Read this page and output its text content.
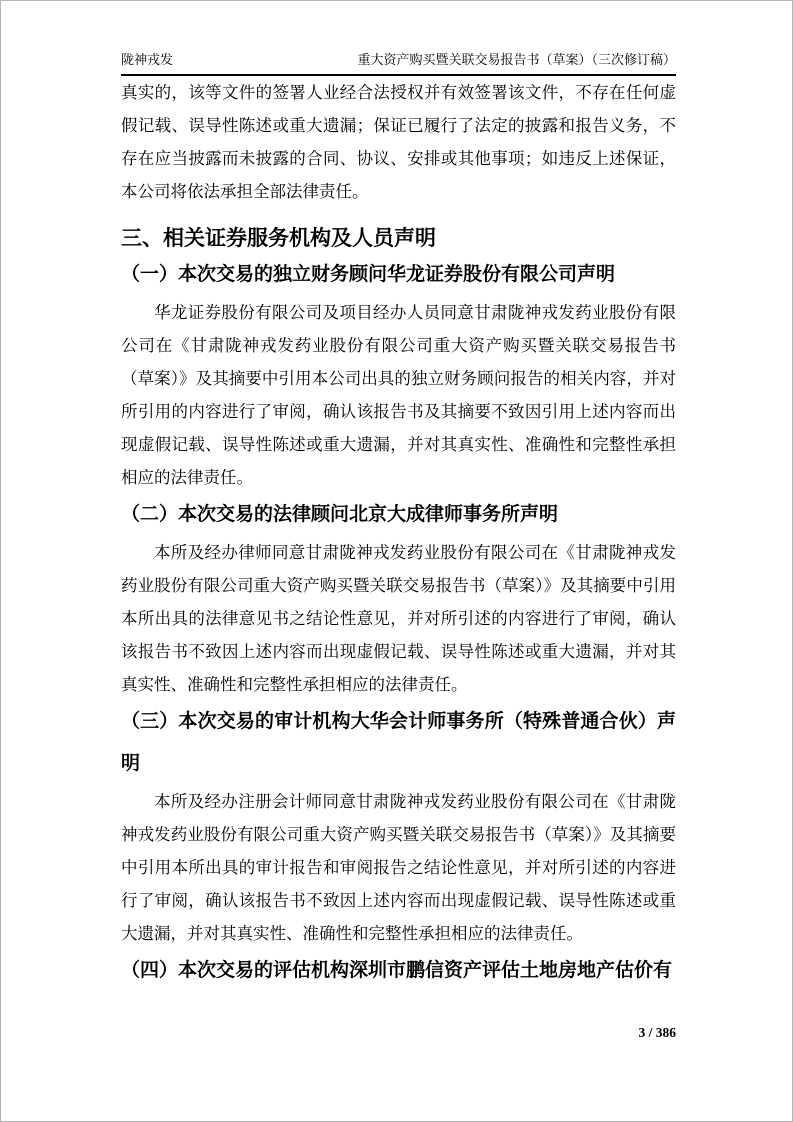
陇神戎发	重大资产购买暨关联交易报告书（草案）（三次修订稿）

真实的，该等文件的签署人业经合法授权并有效签署该文件，不存在任何虚假记载、误导性陈述或重大遗漏；保证已履行了法定的披露和报告义务，不存在应当披露而未披露的合同、协议、安排或其他事项；如违反上述保证，本公司将依法承担全部法律责任。

三、相关证券服务机构及人员声明
（一）本次交易的独立财务顾问华龙证券股份有限公司声明

华龙证券股份有限公司及项目经办人员同意甘肃陇神戎发药业股份有限公司在《甘肃陇神戎发药业股份有限公司重大资产购买暨关联交易报告书（草案）》及其摘要中引用本公司出具的独立财务顾问报告的相关内容，并对所引用的内容进行了审阅，确认该报告书及其摘要不致因引用上述内容而出现虚假记载、误导性陈述或重大遗漏，并对其真实性、准确性和完整性承担相应的法律责任。

（二）本次交易的法律顾问北京大成律师事务所声明

本所及经办律师同意甘肃陇神戎发药业股份有限公司在《甘肃陇神戎发药业股份有限公司重大资产购买暨关联交易报告书（草案）》及其摘要中引用本所出具的法律意见书之结论性意见，并对所引述的内容进行了审阅，确认该报告书不致因上述内容而出现虚假记载、误导性陈述或重大遗漏，并对其真实性、准确性和完整性承担相应的法律责任。

（三）本次交易的审计机构大华会计师事务所（特殊普通合伙）声明

本所及经办注册会计师同意甘肃陇神戎发药业股份有限公司在《甘肃陇神戎发药业股份有限公司重大资产购买暨关联交易报告书（草案）》及其摘要中引用本所出具的审计报告和审阅报告之结论性意见，并对所引述的内容进行了审阅，确认该报告书不致因上述内容而出现虚假记载、误导性陈述或重大遗漏，并对其真实性、准确性和完整性承担相应的法律责任。

（四）本次交易的评估机构深圳市鹏信资产评估土地房地产估价有
3 / 386
